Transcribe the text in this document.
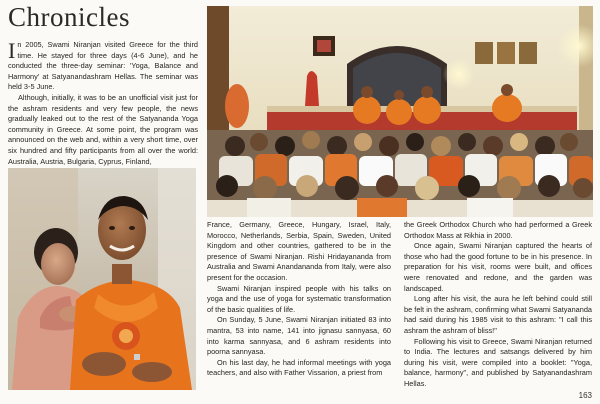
Chronicles

In 2005, Swami Niranjan visited Greece for the third time. He stayed for three days (4-6 June), and he conducted the three-day seminar: 'Yoga, Balance and Harmony' at Satyanandashram Hellas. The seminar was held 3-5 June.

Although, initially, it was to be an unofficial visit just for the ashram residents and very few people, the news gradually leaked out to the rest of the Satyananda Yoga community in Greece. At some point, the program was announced on the web and, within a very short time, over six hundred and fifty participants from all over the world: Australia, Austria, Bulgaria, Cyprus, Finland,

France, Germany, Greece, Hungary, Israel, Italy, Morocco, Netherlands, Serbia, Spain, Sweden, United Kingdom and other countries, gathered to be in the presence of Swami Niranjan. Rishi Hridayananda from Australia and Swami Anandananda from Italy, were also present for the occasion.

Swami Niranjan inspired people with his talks on yoga and the use of yoga for systematic transformation of the basic qualities of life.

On Sunday, 5 June, Swami Niranjan initiated 83 into mantra, 53 into name, 141 into jignasu sannyasa, 60 into karma sannyasa, and 6 ashram residents into poorna sannyasa.

On his last day, he had informal meetings with yoga teachers, and also with Father Vissarion, a priest from

the Greek Orthodox Church who had performed a Greek Orthodox Mass at Rikhia in 2000.

Once again, Swami Niranjan captured the hearts of those who had the good fortune to be in his presence. In preparation for his visit, rooms were built, and offices were renovated and redone, and the garden was landscaped.

Long after his visit, the aura he left behind could still be felt in the ashram, confirming what Swami Satyananda had said during his 1985 visit to this ashram: "I call this ashram the ashram of bliss!"

Following his visit to Greece, Swami Niranjan returned to India. The lectures and satsangs delivered by him during his visit, were compiled into a booklet: "Yoga, balance, harmony", and published by Satyanandashram Hellas.

163
